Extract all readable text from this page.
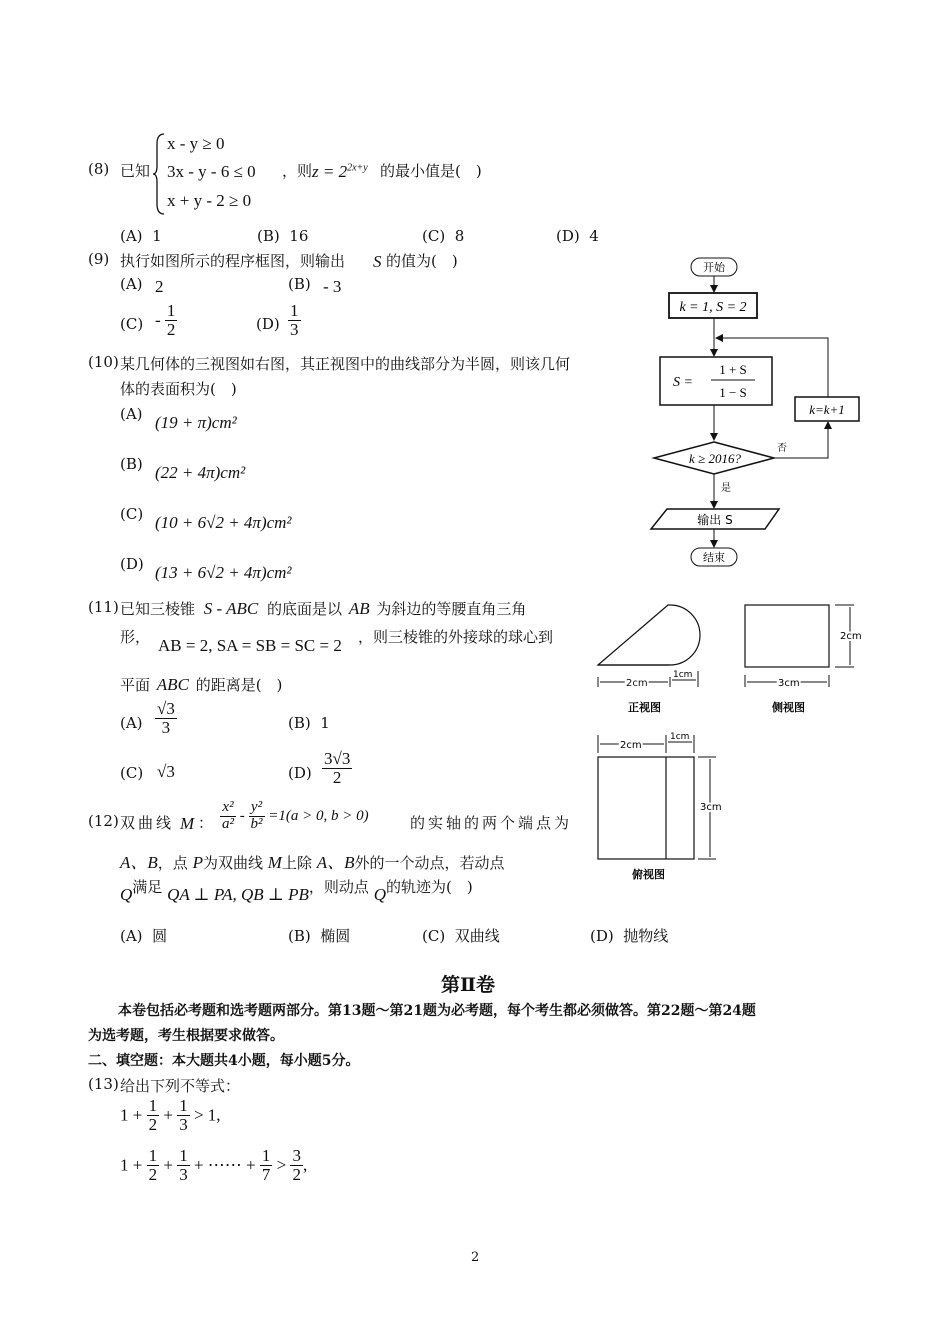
(8) 已知
x - y ≥ 0
3x - y - 6 ≤ 0
x + y - 2 ≥ 0
，则 $z = 2^{2x+y}$ 的最小值是(　)
(A) 1	(B) 16	(C) 8	(D) 4
(9) 执行如图所示的程序框图，则输出 S 的值为(　)
(A) 2	(B) - 3
$(C) - \frac{1}{2}$	$(D) \frac{1}{3}$
开始
k = 1, S = 2
S =
1 + S
1 − S
k ≥ 2016?
否
k=k+1
是
输出 S
结束
(10) 某几何体的三视图如右图，其正视图中的曲线部分为半圆，则该几何
体的表面积为(　)
(A) (19 + π)cm²
(B) (22 + 4π)cm²
(C) (10 + 6√2 + 4π)cm²
(D) (13 + 6√2 + 4π)cm²
2cm
1cm
正视图
2cm
3cm
侧视图
2cm
1cm
3cm
俯视图
(11) 已知三棱锥 S - ABC 的底面是以 AB 为斜边的等腰直角三角
形， AB = 2, SA = SB = SC = 2 ，则三棱锥的外接球的球心到
平面 ABC 的距离是(　)
$(A) \frac{√3}{3}$	(B) 1
(C) √3	$(D) \frac{3√3}{2}$
(12) 双曲线 M ： $\frac{\text{x²}}{\text{a²}} - \frac{\text{y²}}{\text{b²}} =1(a > 0$, b > 0)	的实轴的两个端点为
A、B，点 P为双曲线 M上除 A、B外的一个动点，若动点
Q满足 QA ⊥ PA, QB ⊥ PB，则动点 Q的轨迹为(　)
(A) 圆	(B) 椭圆	(C) 双曲线	(D) 抛物线
第Ⅱ卷
本卷包括必考题和选考题两部分。第13题～第21题为必考题，每个考生都必须做答。第22题～第24题
为选考题，考生根据要求做答。
二、填空题：本大题共4小题，每小题5分。
(13) 给出下列不等式：
$1 + \frac{1}{2} + \frac{1}{3} > 1$,
$1 + \frac{1}{2} + \frac{1}{3}$ + ⋯⋯ + $\frac{1}{7} > \frac{3}{2}$ ,
2
